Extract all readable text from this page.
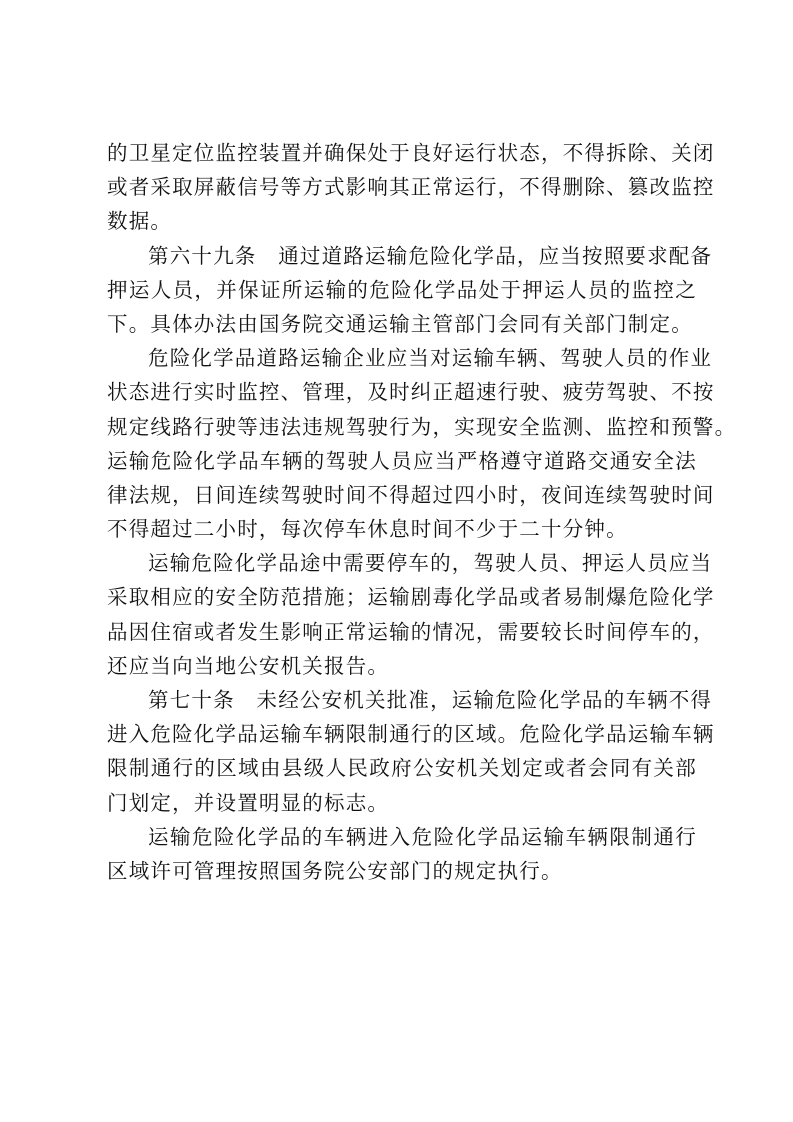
的卫星定位监控装置并确保处于良好运行状态，不得拆除、关闭
或者采取屏蔽信号等方式影响其正常运行，不得删除、篡改监控
数据。
第六十九条　通过道路运输危险化学品，应当按照要求配备
押运人员，并保证所运输的危险化学品处于押运人员的监控之
下。具体办法由国务院交通运输主管部门会同有关部门制定。
危险化学品道路运输企业应当对运输车辆、驾驶人员的作业
状态进行实时监控、管理，及时纠正超速行驶、疲劳驾驶、不按
规定线路行驶等违法违规驾驶行为，实现安全监测、监控和预警。
运输危险化学品车辆的驾驶人员应当严格遵守道路交通安全法
律法规，日间连续驾驶时间不得超过四小时，夜间连续驾驶时间
不得超过二小时，每次停车休息时间不少于二十分钟。
运输危险化学品途中需要停车的，驾驶人员、押运人员应当
采取相应的安全防范措施；运输剧毒化学品或者易制爆危险化学
品因住宿或者发生影响正常运输的情况，需要较长时间停车的，
还应当向当地公安机关报告。
第七十条　未经公安机关批准，运输危险化学品的车辆不得
进入危险化学品运输车辆限制通行的区域。危险化学品运输车辆
限制通行的区域由县级人民政府公安机关划定或者会同有关部
门划定，并设置明显的标志。
运输危险化学品的车辆进入危险化学品运输车辆限制通行
区域许可管理按照国务院公安部门的规定执行。
